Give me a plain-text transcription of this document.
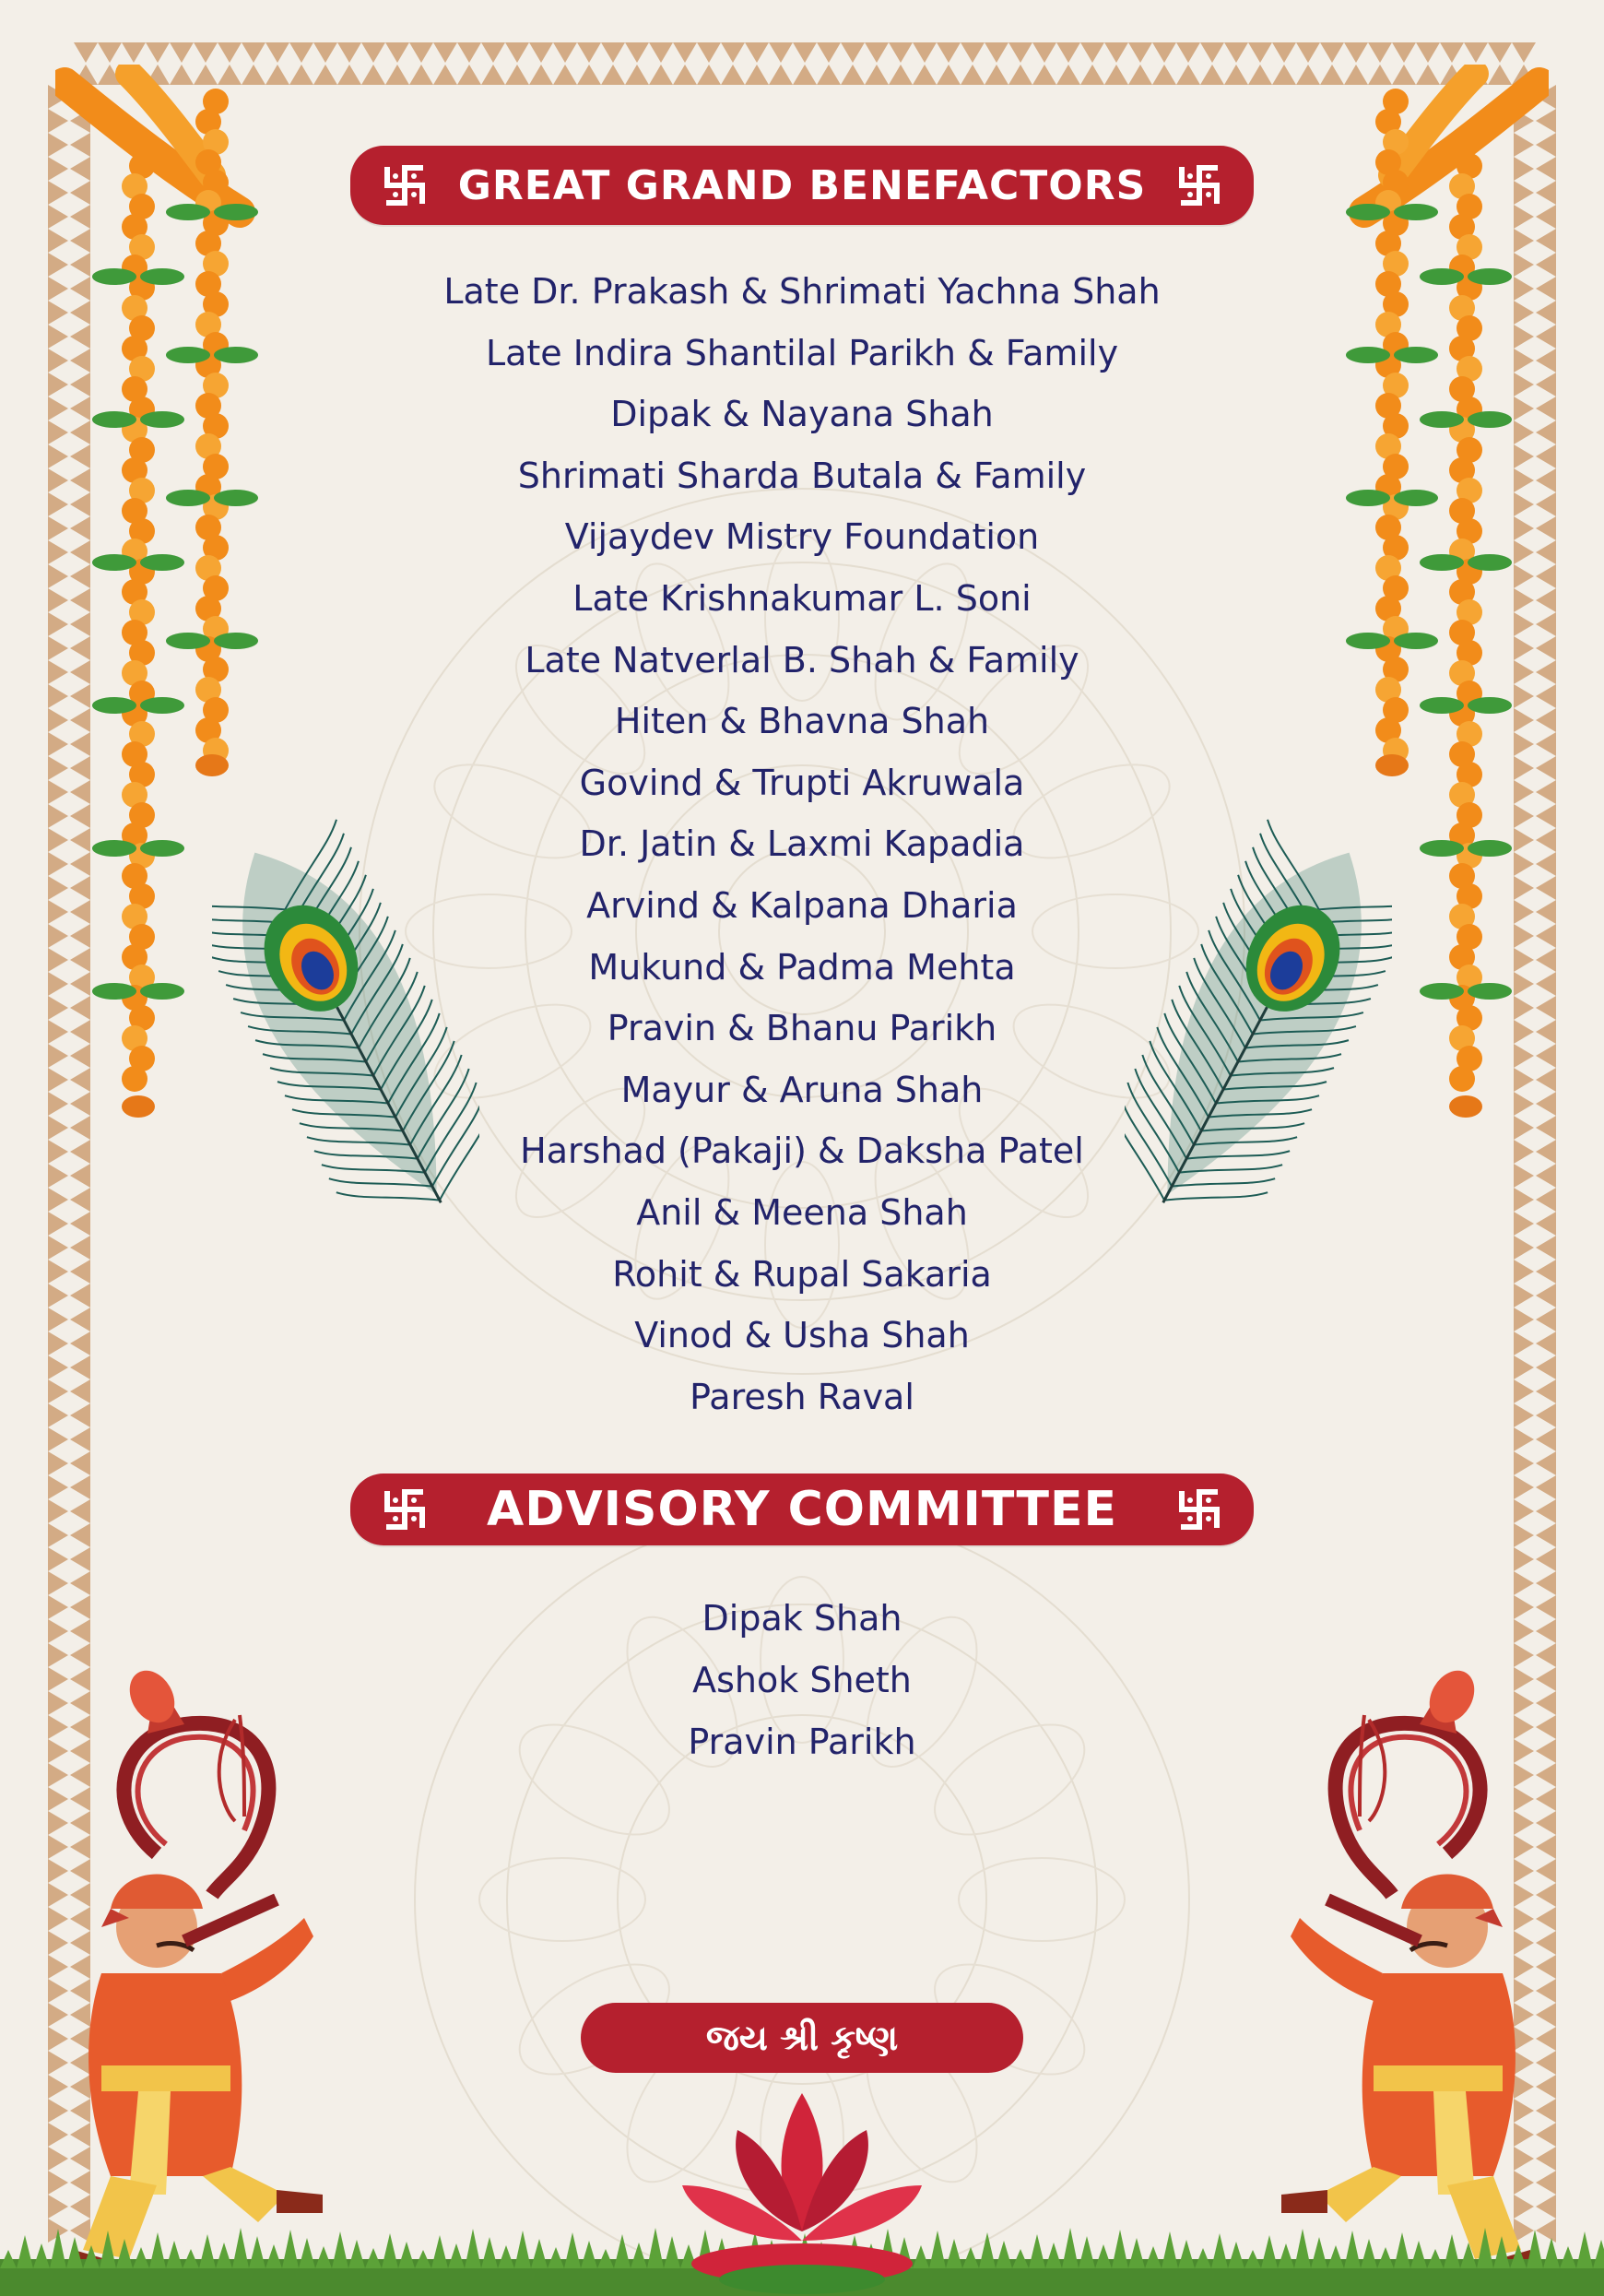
GREAT GRAND BENEFACTORS
Late Dr. Prakash & Shrimati Yachna Shah
Late Indira Shantilal Parikh & Family
Dipak & Nayana Shah
Shrimati Sharda Butala & Family
Vijaydev Mistry Foundation
Late Krishnakumar L. Soni
Late Natverlal B. Shah & Family
Hiten & Bhavna Shah
Govind & Trupti Akruwala
Dr. Jatin & Laxmi Kapadia
Arvind & Kalpana Dharia
Mukund & Padma Mehta
Pravin & Bhanu Parikh
Mayur & Aruna Shah
Harshad (Pakaji) & Daksha Patel
Anil & Meena Shah
Rohit & Rupal Sakaria
Vinod & Usha Shah
Paresh Raval
ADVISORY COMMITTEE
Dipak Shah
Ashok Sheth
Pravin Parikh
જય શ્રી કૃષ્ણ
